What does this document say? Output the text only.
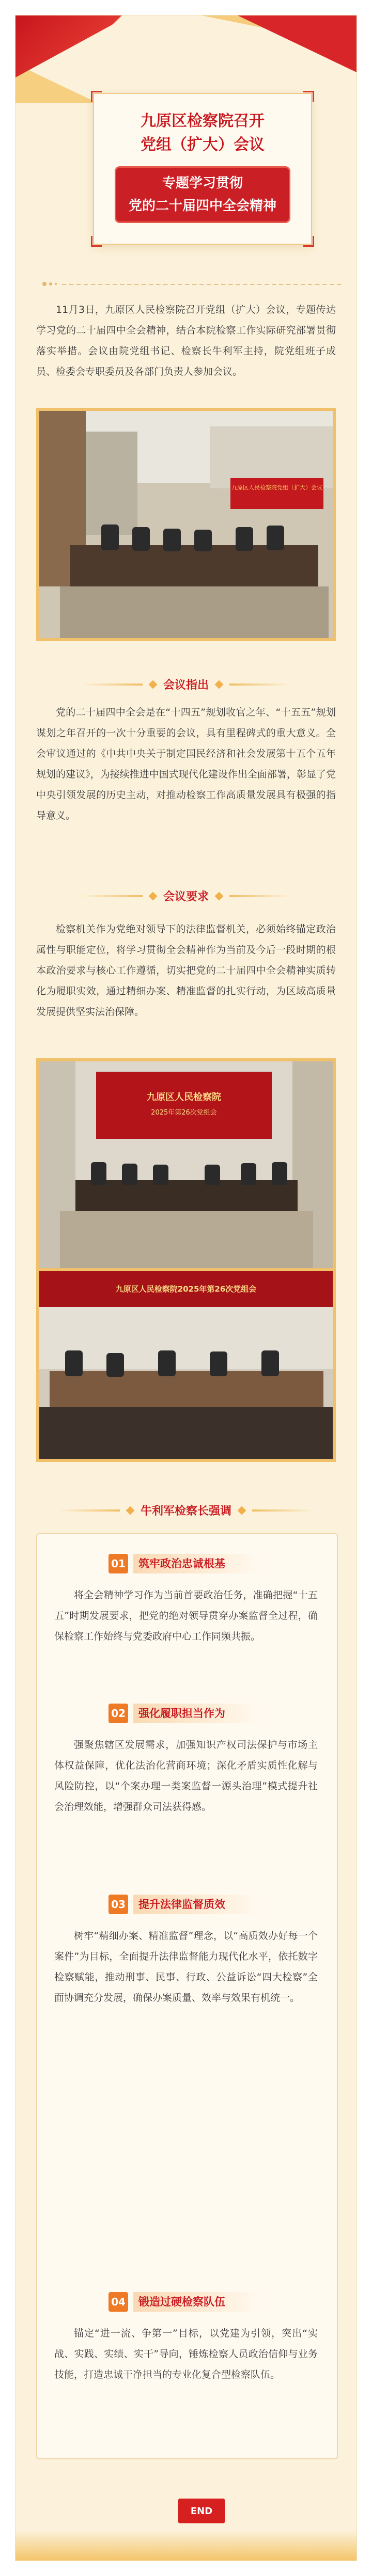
九原区检察院召开
党组（扩大）会议
专题学习贯彻
党的二十届四中全会精神

11月3日，九原区人民检察院召开党组（扩大）会议，专题传达学习党的二十届四中全会精神，结合本院检察工作实际研究部署贯彻落实举措。会议由院党组书记、检察长牛利军主持，院党组班子成员、检委会专职委员及各部门负责人参加会议。

九原区人民检察院党组（扩大）会议
会议指出

党的二十届四中全会是在“十四五”规划收官之年、“十五五”规划谋划之年召开的一次十分重要的会议，具有里程碑式的重大意义。全会审议通过的《中共中央关于制定国民经济和社会发展第十五个五年规划的建议》，为接续推进中国式现代化建设作出全面部署，彰显了党中央引领发展的历史主动，对推动检察工作高质量发展具有极强的指导意义。

会议要求

检察机关作为党绝对领导下的法律监督机关，必须始终锚定政治属性与职能定位，将学习贯彻全会精神作为当前及今后一段时期的根本政治要求与核心工作遵循，切实把党的二十届四中全会精神实质转化为履职实效，通过精细办案、精准监督的扎实行动，为区域高质量发展提供坚实法治保障。

九原区人民检察院
2025年第26次党组会
九原区人民检察院2025年第26次党组会
牛利军检察长强调
01	筑牢政治忠诚根基

将全会精神学习作为当前首要政治任务，准确把握“十五五”时期发展要求，把党的绝对领导贯穿办案监督全过程，确保检察工作始终与党委政府中心工作同频共振。

02	强化履职担当作为

强聚焦辖区发展需求，加强知识产权司法保护与市场主体权益保障，优化法治化营商环境；深化矛盾实质性化解与风险防控，以“个案办理一类案监督一源头治理”模式提升社会治理效能，增强群众司法获得感。

03	提升法律监督质效

树牢“精细办案、精准监督”理念，以“高质效办好每一个案件”为目标，全面提升法律监督能力现代化水平，依托数字检察赋能，推动刑事、民事、行政、公益诉讼“四大检察”全面协调充分发展，确保办案质量、效率与效果有机统一。

04	锻造过硬检察队伍

锚定“进一流、争第一”目标，以党建为引领，突出“实战、实践、实绩、实干”导向，锤炼检察人员政治信仰与业务技能，打造忠诚干净担当的专业化复合型检察队伍。

END
